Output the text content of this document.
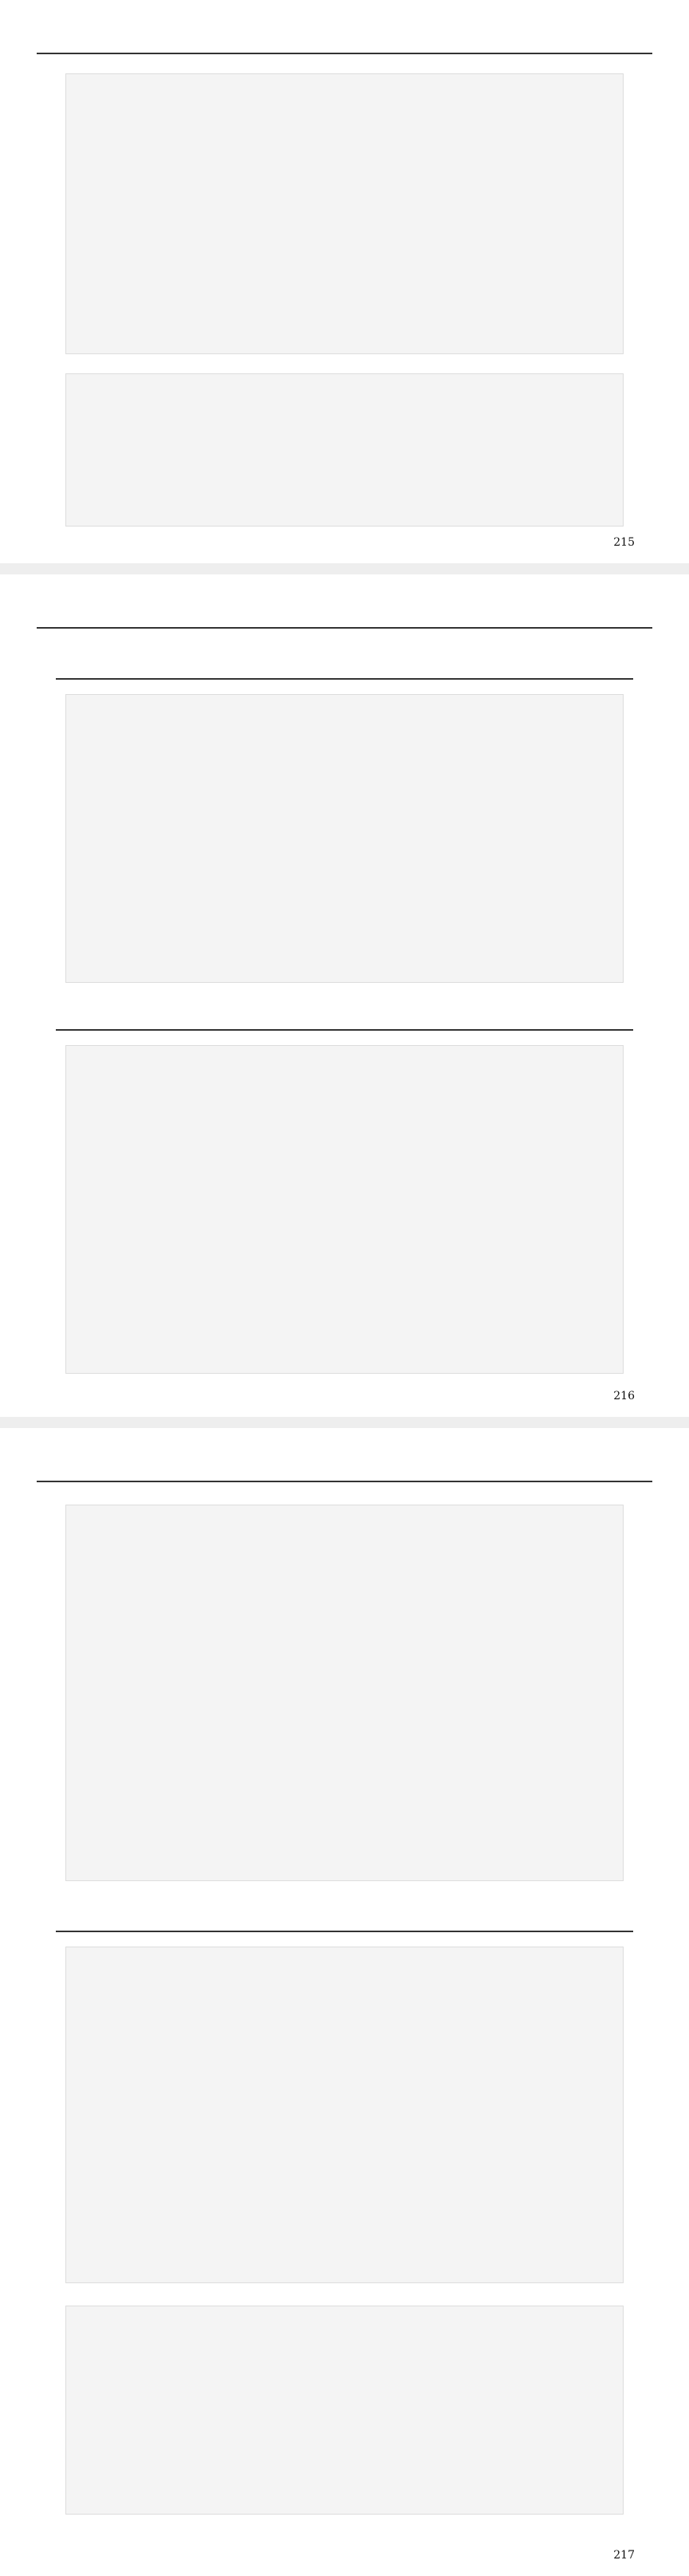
215
216
217
